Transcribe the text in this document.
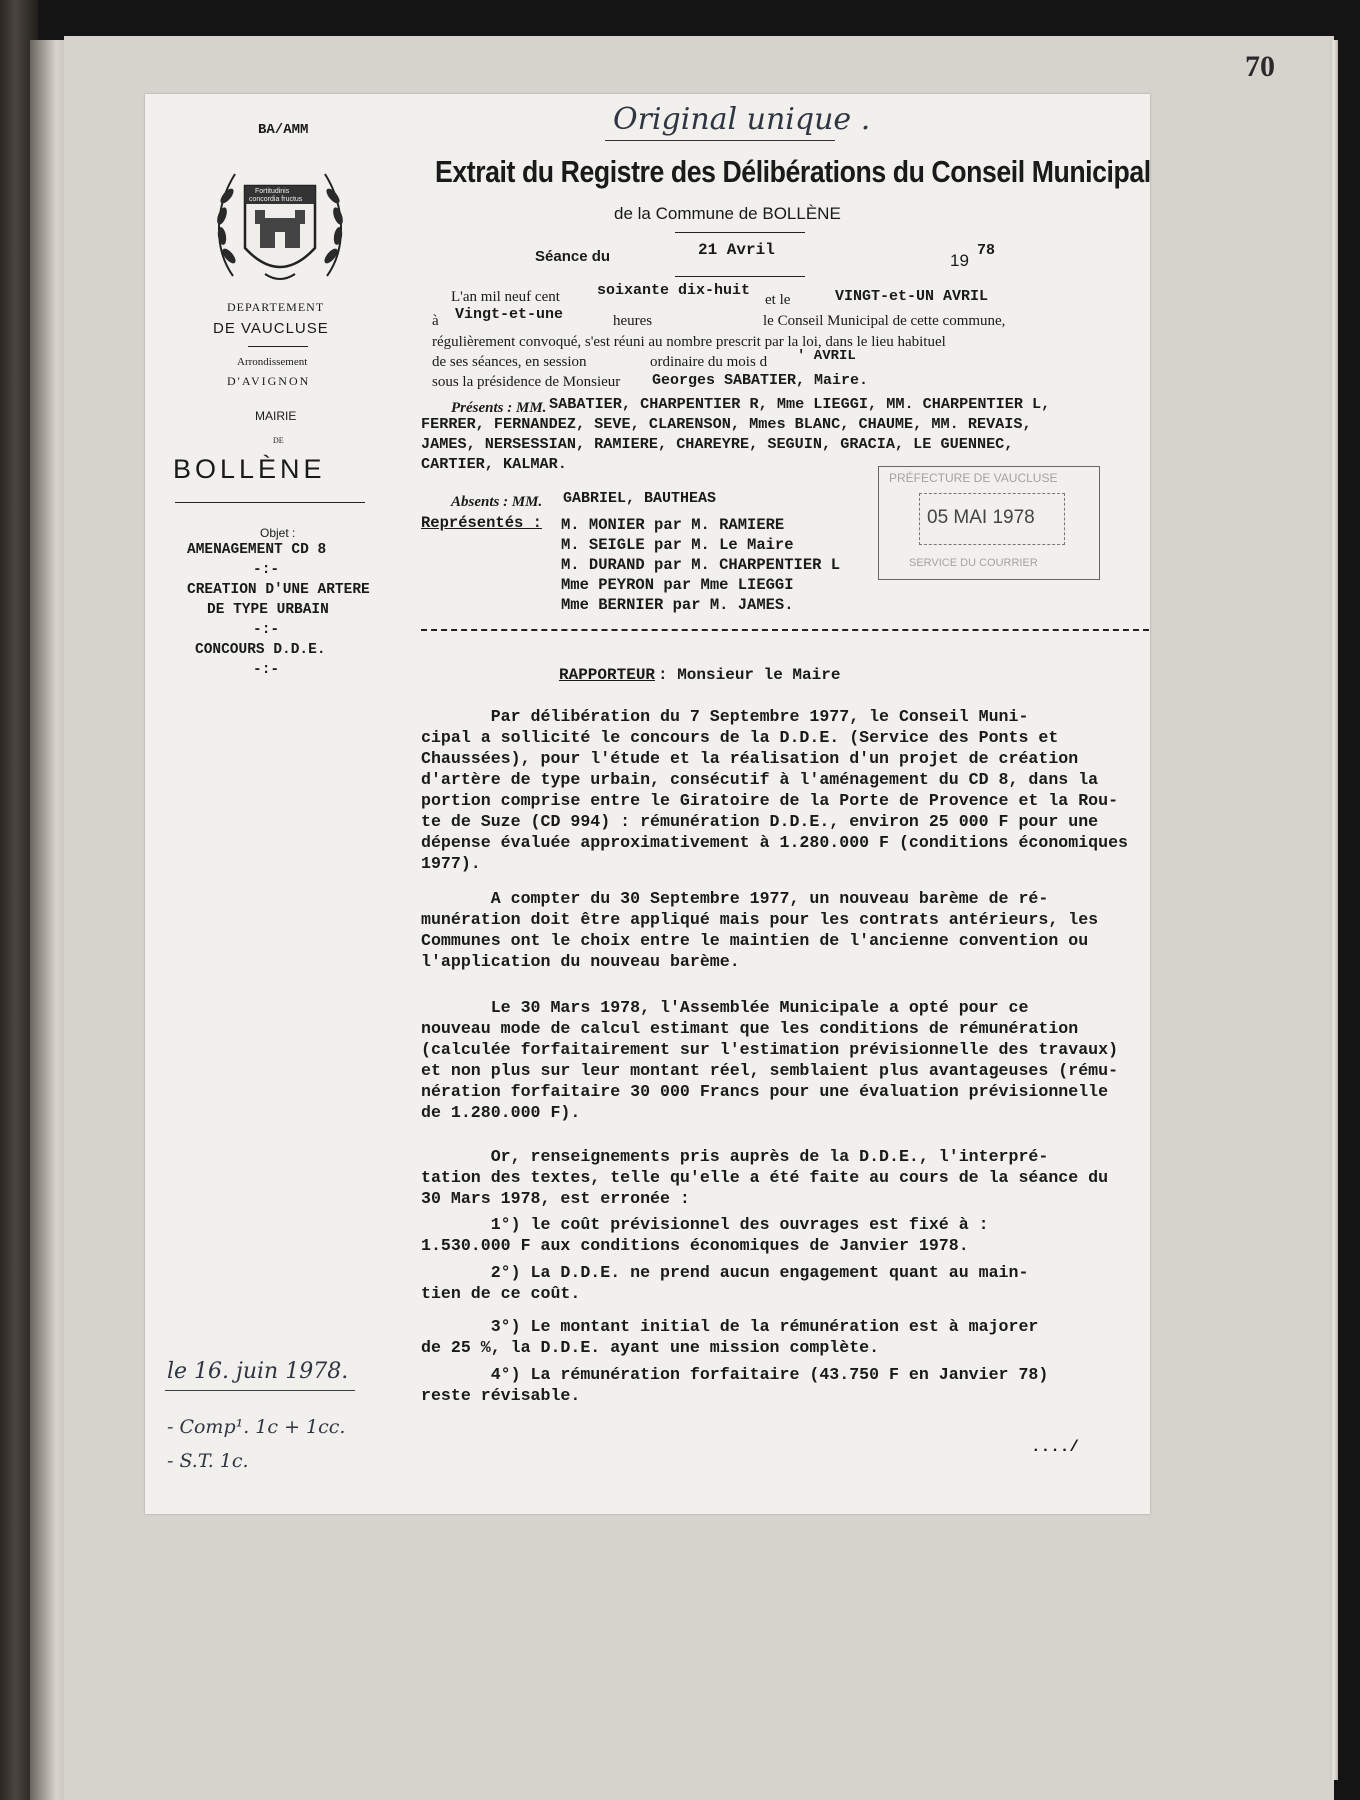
70
Original unique .
BA/AMM
Fortitudinis
concordia fructus
DEPARTEMENT
DE VAUCLUSE
Arrondissement
D'AVIGNON
MAIRIE
DE
BOLLÈNE
Objet :
AMENAGEMENT CD 8
-:-
CREATION D'UNE ARTERE
DE TYPE URBAIN
-:-
CONCOURS D.D.E.
-:-
le 16. juin 1978.
- Comp¹. 1c + 1cc.
- S.T. 1c.
Extrait du Registre des Délibérations du Conseil Municipal
de la Commune de BOLLÈNE
Séance du	21 Avril
19
78
L'an mil neuf cent soixante dix-huit
et le	VINGT-et-UN AVRIL
à Vingt-et-une	heures	le Conseil Municipal de cette commune,
régulièrement convoqué, s'est réuni au nombre prescrit par la loi, dans le lieu habituel
de ses séances, en session	ordinaire du mois d ' AVRIL
sous la présidence de Monsieur Georges SABATIER, Maire.
Présents : MM. SABATIER, CHARPENTIER R, Mme LIEGGI, MM. CHARPENTIER L,
FERRER, FERNANDEZ, SEVE, CLARENSON, Mmes BLANC, CHAUME, MM. REVAIS,
JAMES, NERSESSIAN, RAMIERE, CHAREYRE, SEGUIN, GRACIA, LE GUENNEC,
CARTIER, KALMAR.
Absents : MM. GABRIEL, BAUTHEAS
Représentés : M. MONIER par M. RAMIERE
M. SEIGLE par M. Le Maire
M. DURAND par M. CHARPENTIER L
Mme PEYRON par Mme LIEGGI
Mme BERNIER par M. JAMES.
PRÉFECTURE DE VAUCLUSE
05 MAI 1978
SERVICE DU COURRIER
RAPPORTEUR : Monsieur le Maire
Par délibération du 7 Septembre 1977, le Conseil Muni-
cipal a sollicité le concours de la D.D.E. (Service des Ponts et
Chaussées), pour l'étude et la réalisation d'un projet de création
d'artère de type urbain, consécutif à l'aménagement du CD 8, dans la
portion comprise entre le Giratoire de la Porte de Provence et la Rou-
te de Suze (CD 994) : rémunération D.D.E., environ 25 000 F pour une
dépense évaluée approximativement à 1.280.000 F (conditions économiques
1977).
A compter du 30 Septembre 1977, un nouveau barème de ré-
munération doit être appliqué mais pour les contrats antérieurs, les
Communes ont le choix entre le maintien de l'ancienne convention ou
l'application du nouveau barème.
Le 30 Mars 1978, l'Assemblée Municipale a opté pour ce
nouveau mode de calcul estimant que les conditions de rémunération
(calculée forfaitairement sur l'estimation prévisionnelle des travaux)
et non plus sur leur montant réel, semblaient plus avantageuses (rému-
nération forfaitaire 30 000 Francs pour une évaluation prévisionnelle
de 1.280.000 F).
Or, renseignements pris auprès de la D.D.E., l'interpré-
tation des textes, telle qu'elle a été faite au cours de la séance du
30 Mars 1978, est erronée :
1°) le coût prévisionnel des ouvrages est fixé à :
1.530.000 F aux conditions économiques de Janvier 1978.
2°) La D.D.E. ne prend aucun engagement quant au main-
tien de ce coût.
3°) Le montant initial de la rémunération est à majorer
de 25 %, la D.D.E. ayant une mission complète.
4°) La rémunération forfaitaire (43.750 F en Janvier 78)
reste révisable.
..../
